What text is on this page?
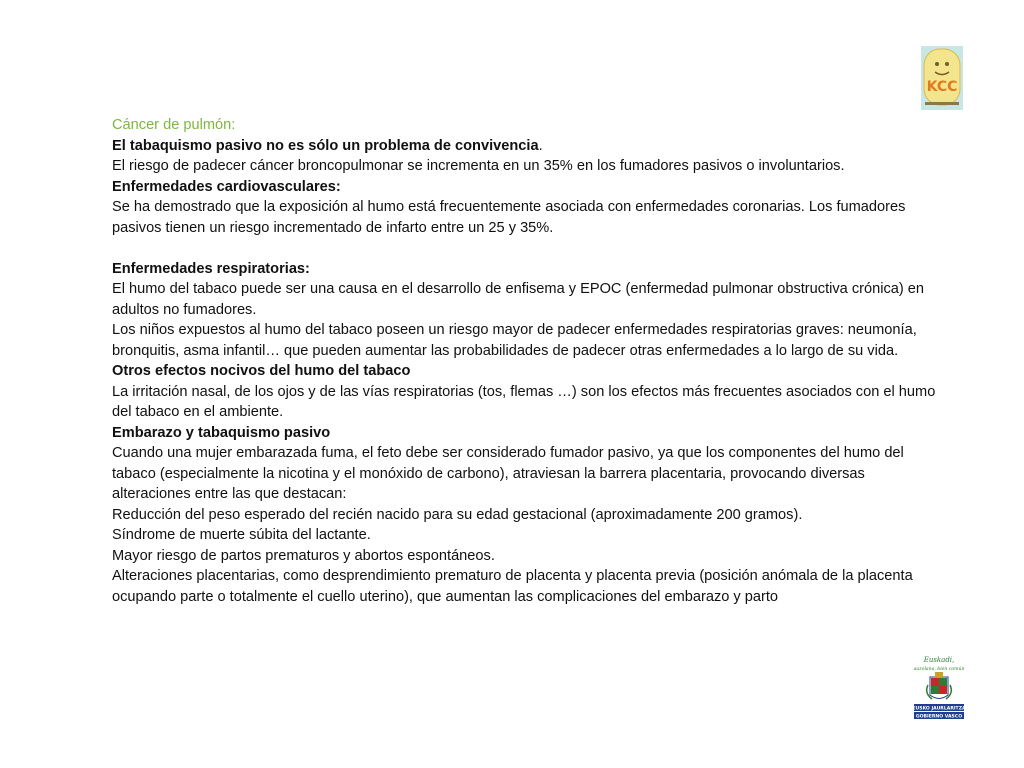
KCC

Cáncer de pulmón:

El tabaquismo pasivo no es sólo un problema de convivencia.

El riesgo de padecer cáncer broncopulmonar se incrementa en un 35% en los fumadores pasivos o involuntarios.

Enfermedades cardiovasculares:

Se ha demostrado que la exposición al humo está frecuentemente asociada con enfermedades coronarias. Los fumadores pasivos tienen un riesgo incrementado de infarto entre un 25 y 35%.

Enfermedades respiratorias:

El humo del tabaco puede ser una causa en el desarrollo de enfisema y EPOC (enfermedad pulmonar obstructiva crónica) en adultos no fumadores.

Los niños expuestos al humo del tabaco poseen un riesgo mayor de padecer enfermedades respiratorias graves: neumonía, bronquitis, asma infantil… que pueden aumentar las probabilidades de padecer otras enfermedades a lo largo de su vida.

Otros efectos nocivos del humo del tabaco

La irritación nasal, de los ojos y de las vías respiratorias (tos, flemas …) son los efectos más frecuentes asociados con el humo del tabaco en el ambiente.

Embarazo y tabaquismo pasivo

Cuando una mujer embarazada fuma, el feto debe ser considerado fumador pasivo, ya que los componentes del humo del tabaco (especialmente la nicotina y el monóxido de carbono), atraviesan la barrera placentaria, provocando diversas alteraciones entre las que destacan:

Reducción del peso esperado del recién nacido para su edad gestacional (aproximadamente 200 gramos).

Síndrome de muerte súbita del lactante.

Mayor riesgo de partos prematuros y abortos espontáneos.

Alteraciones placentarias, como desprendimiento prematuro de placenta y placenta previa (posición anómala de la placenta ocupando parte o totalmente el cuello uterino), que aumentan las complicaciones del embarazo y parto

Euskadi,
auzolana, bien común
EUSKO JAURLARITZA
GOBIERNO VASCO
